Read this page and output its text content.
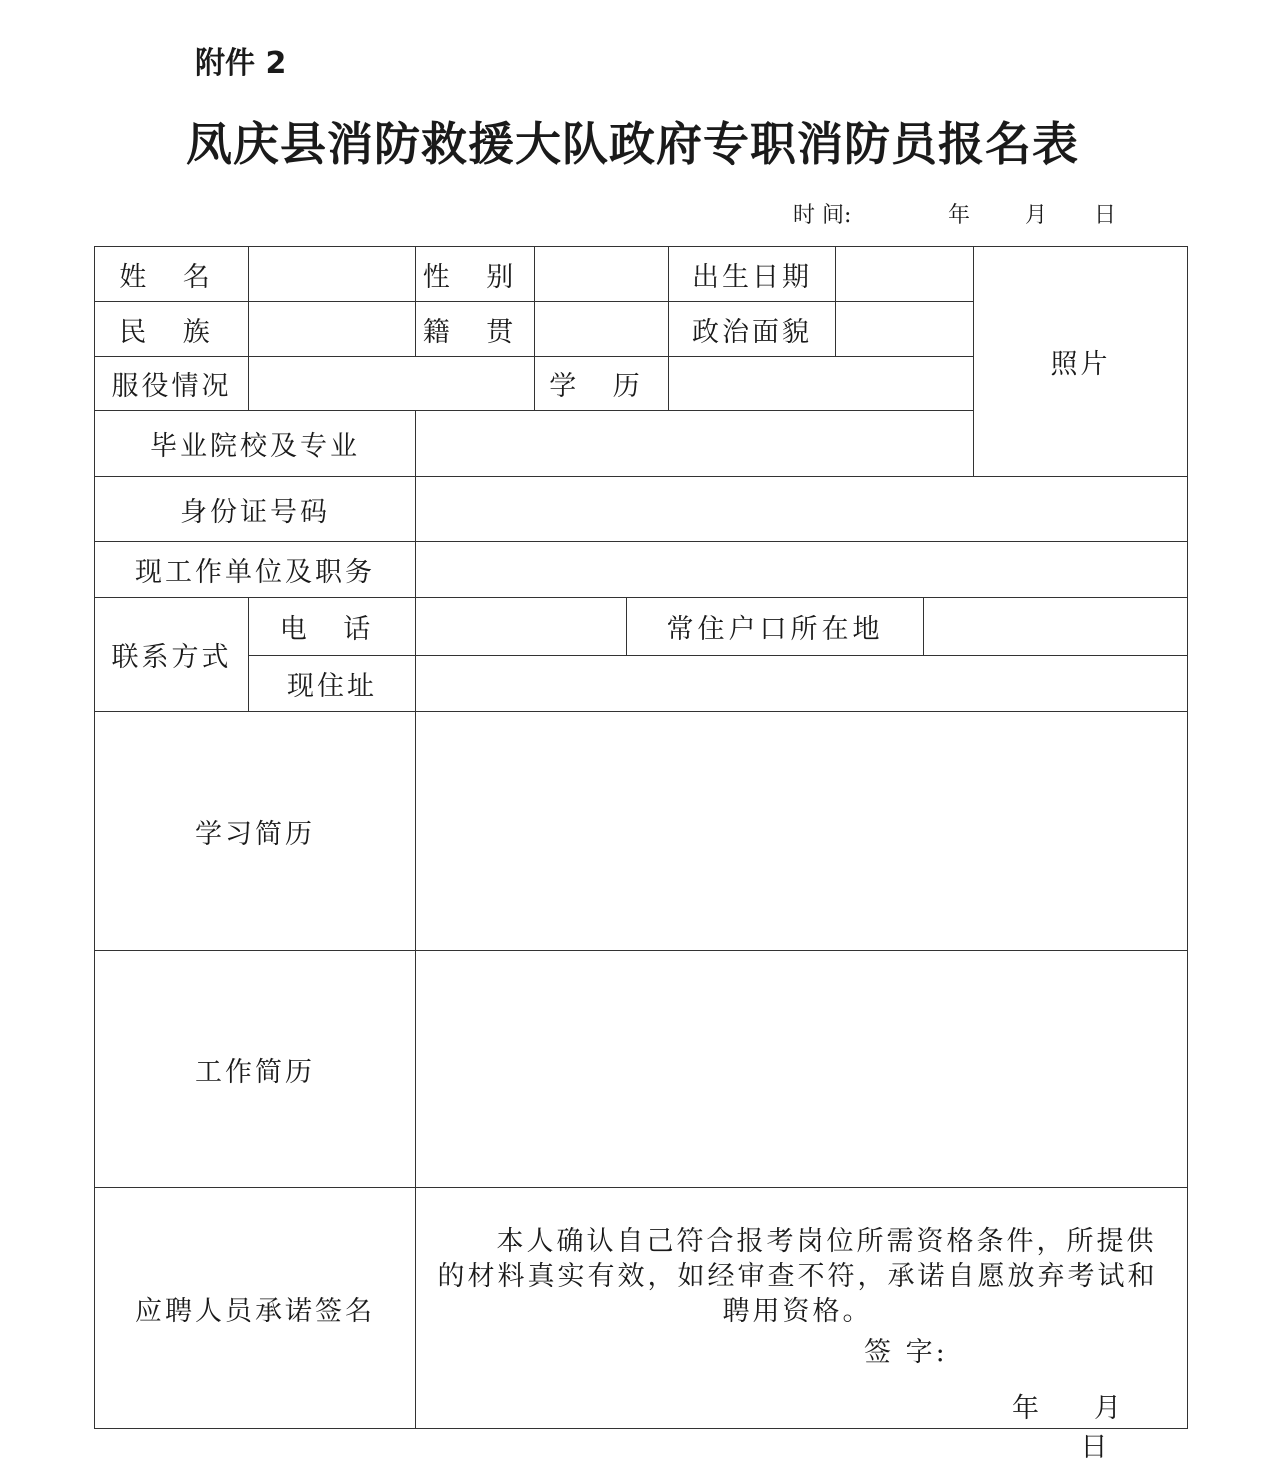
附件 2
凤庆县消防救援大队政府专职消防员报名表
时 间:	年 月 日
姓 名		性 别			出生日期			照片
民 族		籍 贯			政治面貌			
服役情况			学 历					
毕业院校及专业								
身份证号码								
现工作单位及职务								
联系方式	电 话			常住户口所在地				
	现住址							
学习简历								
工作简历								
应聘人员承诺签名		本人确认自己符合报考岗位所需资格条件，所提供的材料真实有效，如经审查不符，承诺自愿放弃考试和聘用资格。
签 字:
年 月日						
